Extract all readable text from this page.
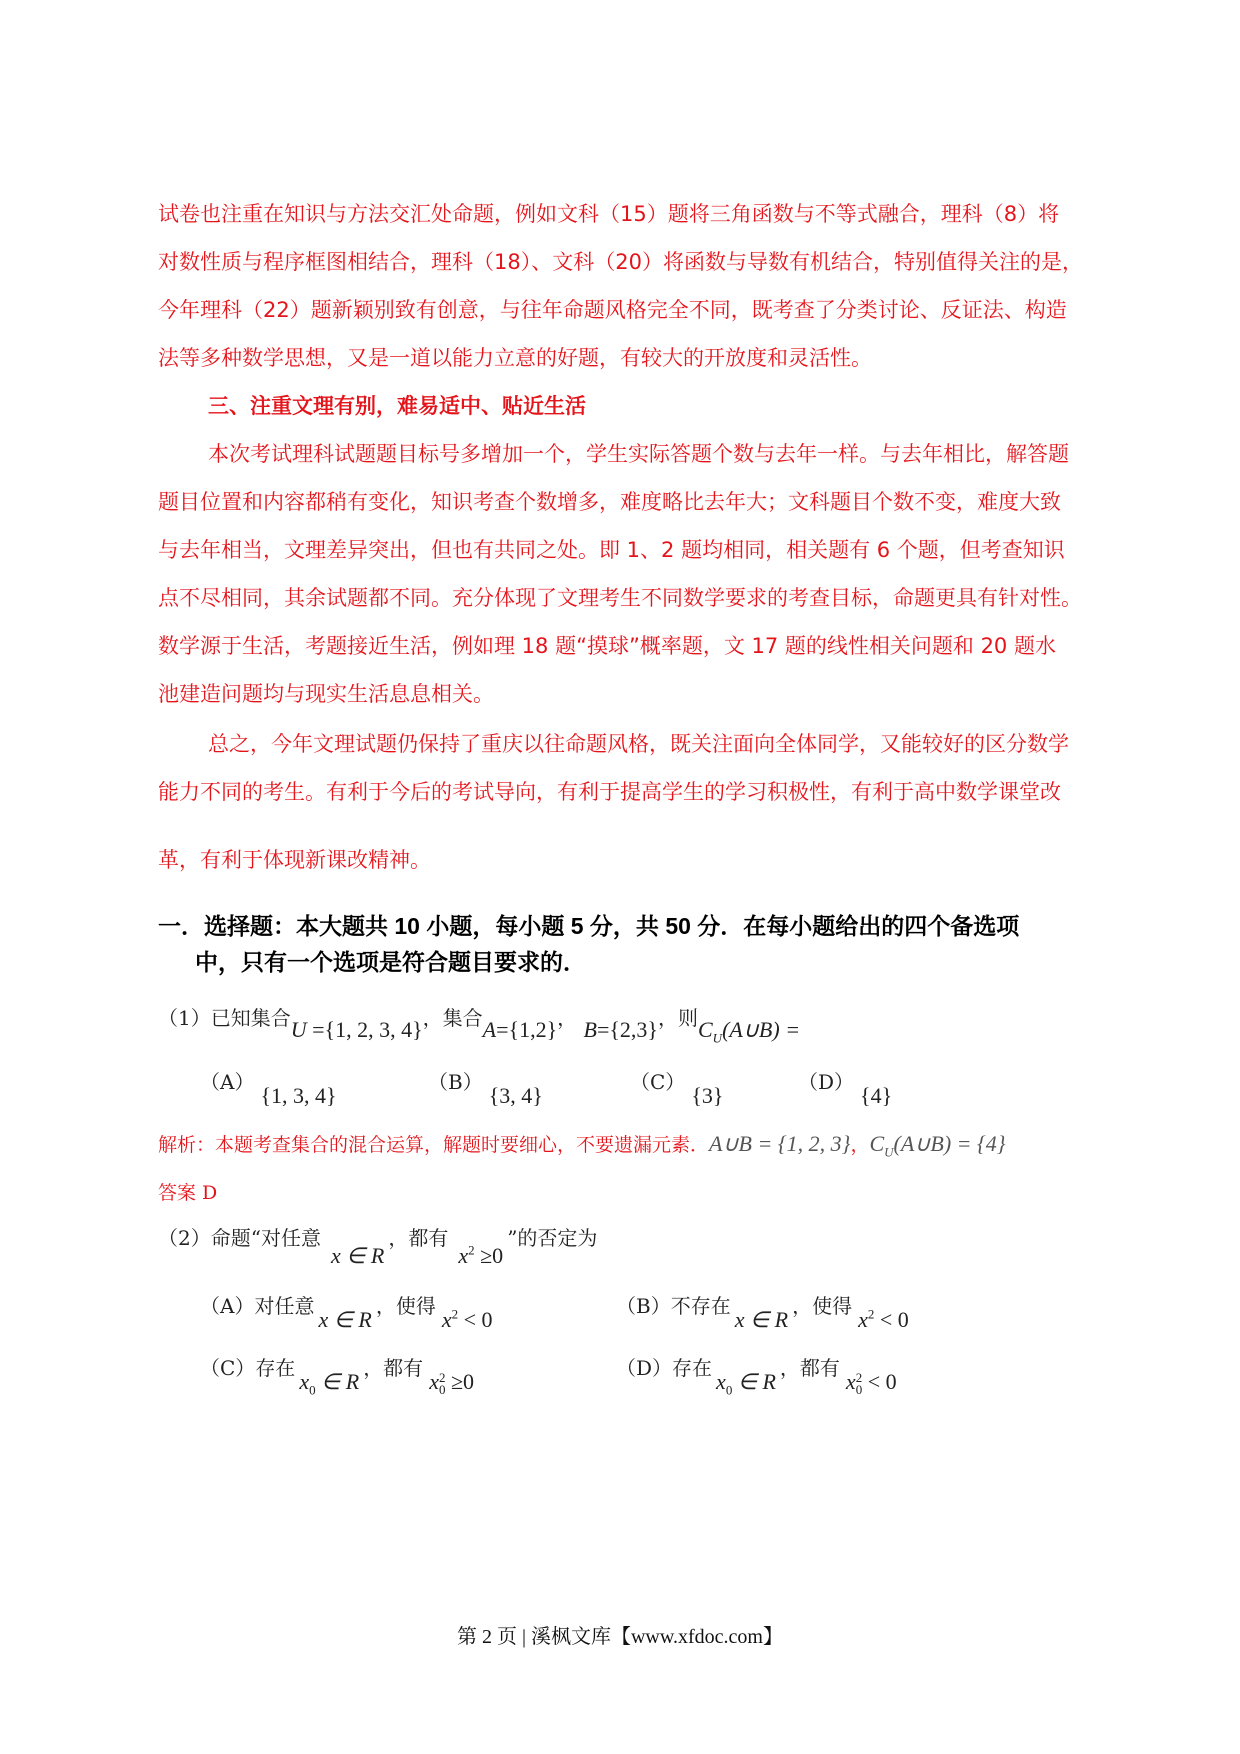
试卷也注重在知识与方法交汇处命题，例如文科（15）题将三角函数与不等式融合，理科（8）将
对数性质与程序框图相结合，理科（18）、文科（20）将函数与导数有机结合，特别值得关注的是，
今年理科（22）题新颖别致有创意，与往年命题风格完全不同，既考查了分类讨论、反证法、构造
法等多种数学思想，又是一道以能力立意的好题，有较大的开放度和灵活性。
三、注重文理有别，难易适中、贴近生活
本次考试理科试题题目标号多增加一个，学生实际答题个数与去年一样。与去年相比，解答题
题目位置和内容都稍有变化，知识考查个数增多，难度略比去年大；文科题目个数不变，难度大致
与去年相当，文理差异突出，但也有共同之处。即 1、2 题均相同，相关题有 6 个题，但考查知识
点不尽相同，其余试题都不同。充分体现了文理考生不同数学要求的考查目标，命题更具有针对性。
数学源于生活，考题接近生活，例如理 18 题“摸球”概率题，文 17 题的线性相关问题和 20 题水
池建造问题均与现实生活息息相关。
总之，今年文理试题仍保持了重庆以往命题风格，既关注面向全体同学，又能较好的区分数学
能力不同的考生。有利于今后的考试导向，有利于提高学生的学习积极性，有利于高中数学课堂改
革，有利于体现新课改精神。
一．选择题：本大题共 10 小题，每小题 5 分，共 50 分．在每小题给出的四个备选项
中，只有一个选项是符合题目要求的．
（1）已知集合U ={1, 2, 3, 4}，集合A={1,2}， B={2,3}，则$C_U(A\cup B)$ =
（A）{1, 3, 4}
（B）{3, 4}
（C）{3}
（D）{4}
解析：本题考查集合的混合运算，解题时要细心，不要遗漏元素．A∪B = {1, 2, 3}，$C_U(A\cup B) = \{4\}$
答案 D
（2）命题“对任意x ∈ R，都有$x^2 \ge 0$”的否定为
（A）对任意x ∈ R，使得$x^2 < 0$
（B）不存在x ∈ R，使得$x^2 < 0$
（C）存在$x_0$ ∈ R，都有x 2
0 ≥0
（D）存在$x_0$ ∈ R，都有x 2
0 < 0
第 2 页 | 溪枫文库【www.xfdoc.com】
